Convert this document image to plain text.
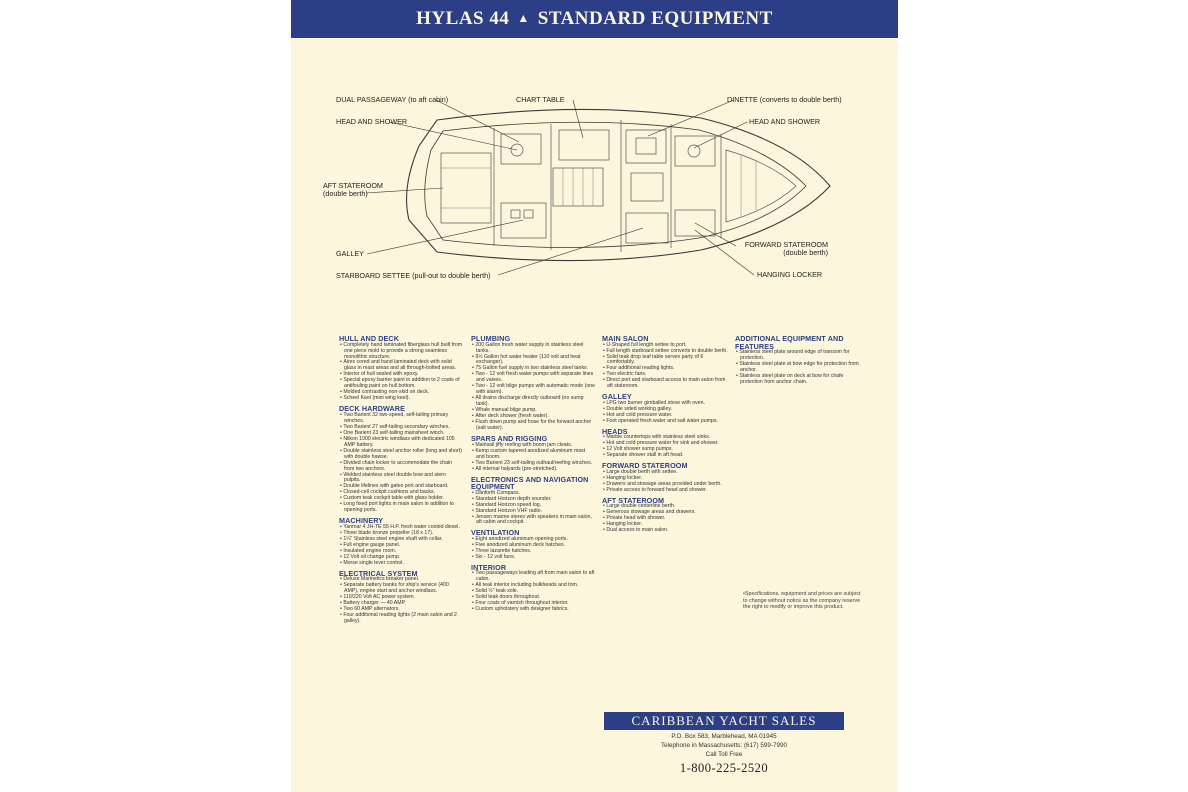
HYLAS 44 ▲ STANDARD EQUIPMENT
DUAL PASSAGEWAY (to aft cabin)	CHART TABLE	DINETTE (converts to double berth)
HEAD AND SHOWER	HEAD AND SHOWER
AFT STATEROOM
(double berth)
GALLEY
FORWARD STATEROOM
(double berth)
STARBOARD SETTEE (pull-out to double berth)	HANGING LOCKER
HULL AND DECK
• Completely hand laminated fiberglass hull built from one piece mold to provide a strong seamless monolithic structure.
• Airex cored and hand laminated deck with solid glass in mast areas and all through-bolted areas.
• Interior of hull sealed with epoxy.
• Special epoxy barrier paint in addition to 2 coats of antifouling paint on hull bottom.
• Molded contrasting non-skid on deck.
• Scheel Keel (mini wing keel).
DECK HARDWARE
• Two Barient 32 two-speed, self-tailing primary winches.
• Two Barient 27 self-tailing secondary winches.
• One Barient 23 self-tailing mainsheet winch.
• Nilkon 1000 electric windlass with dedicated 105 AMP battery.
• Double stainless steel anchor roller (long and short) with double hawse.
• Divided chain locker to accommodate the chain from two anchors.
• Welded stainless steel double bow and stern pulpits.
• Double lifelines with gates port and starboard.
• Closed-cell cockpit cushions and backs.
• Custom teak cockpit table with glass holder.
• Long fixed port lights in main salon in addition to opening ports.
MACHINERY
• Yanmar 4 JH-TE 55 H.P. fresh water cooled diesel.
• Three blade bronze propeller (18 x 17).
• 1¼" Stainless steel engine shaft with collar.
• Full engine gauge panel.
• Insulated engine room.
• 12 Volt oil change pump.
• Morse single lever control.
ELECTRICAL SYSTEM
• Deluxe Marinetics breaker panel.
• Separate battery banks for ship's service (400 AMP), engine start and anchor windlass.
• 110/220 Volt AC power system.
• Battery charger — 40 AMP.
• Two 60 AMP alternators.
• Four additional reading lights (2 main salon and 2 galley).
PLUMBING
• 200 Gallon fresh water supply in stainless steel tanks.
• 9½ Gallon hot water heater (110 volt and heat exchanger).
• 75 Gallon fuel supply in two stainless steel tanks.
• Two - 12 volt fresh water pumps with separate lines and valves.
• Two - 12 volt bilge pumps with automatic mode (one with alarm).
• All drains discharge directly outboard (no sump tank).
• Whale manual bilge pump.
• After deck shower (fresh water).
• Flush down pump and hose for the forward anchor (salt water).
SPARS AND RIGGING
• Mainsail jiffy reefing with boom jam cleats.
• Kemp custom tapered anodized aluminum mast and boom.
• Two Barient 23 self-tailing outhaul/reefing winches.
• All internal halyards (pre-stretched).
ELECTRONICS AND NAVIGATION EQUIPMENT
• Danforth Compass.
• Standard Horizon depth sounder.
• Standard Horizon speed log.
• Standard Horizon VHF radio.
• Jensen marine stereo with speakers in main salon, aft cabin and cockpit.
VENTILATION
• Eight anodized aluminum opening ports.
• Five anodized aluminum deck hatches.
• Three lazarette hatches.
• Six - 12 volt fans.
INTERIOR
• Two passageways leading aft from main salon to aft cabin.
• All teak interior including bulkheads and trim.
• Solid ½" teak sole.
• Solid teak doors throughout.
• Four coats of varnish throughout interior.
• Custom upholstery with designer fabrics.
MAIN SALON
• U-Shaped full length settee to port.
• Full length starboard settee converts to double berth.
• Solid teak drop leaf table serves party of 6 comfortably.
• Four additional reading lights.
• Two electric fans.
• Direct port and starboard access to main salon from aft stateroom.
GALLEY
• LPG two burner gimballed stove with oven.
• Double sided working galley.
• Hot and cold pressure water.
• Foot operated fresh water and salt water pumps.
HEADS
• Marble countertops with stainless steel sinks.
• Hot and cold pressure water for sink and shower.
• 12 Volt shower sump pumps.
• Separate shower stall in aft head.
FORWARD STATEROOM
• Large double berth with settee.
• Hanging locker.
• Drawers and stowage areas provided under berth.
• Private access to forward head and shower.
AFT STATEROOM
• Large double centerline berth.
• Generous stowage areas and drawers.
• Private head with shower.
• Hanging locker.
• Dual access to main salon.
ADDITIONAL EQUIPMENT AND FEATURES
• Stainless steel plate around edge of transom for protection.
• Stainless steel plate at bow edge for protection from anchor.
• Stainless steel plate on deck at bow for chafe protection from anchor chain.
• Specifications, equipment and prices are subject to change without notice as the company reserve the right to modify or improve this product.
CARIBBEAN YACHT SALES
P.O. Box 583, Marblehead, MA 01945
Telephone in Massachusetts: (617) 599-7990
Call Toll Free
1-800-225-2520
